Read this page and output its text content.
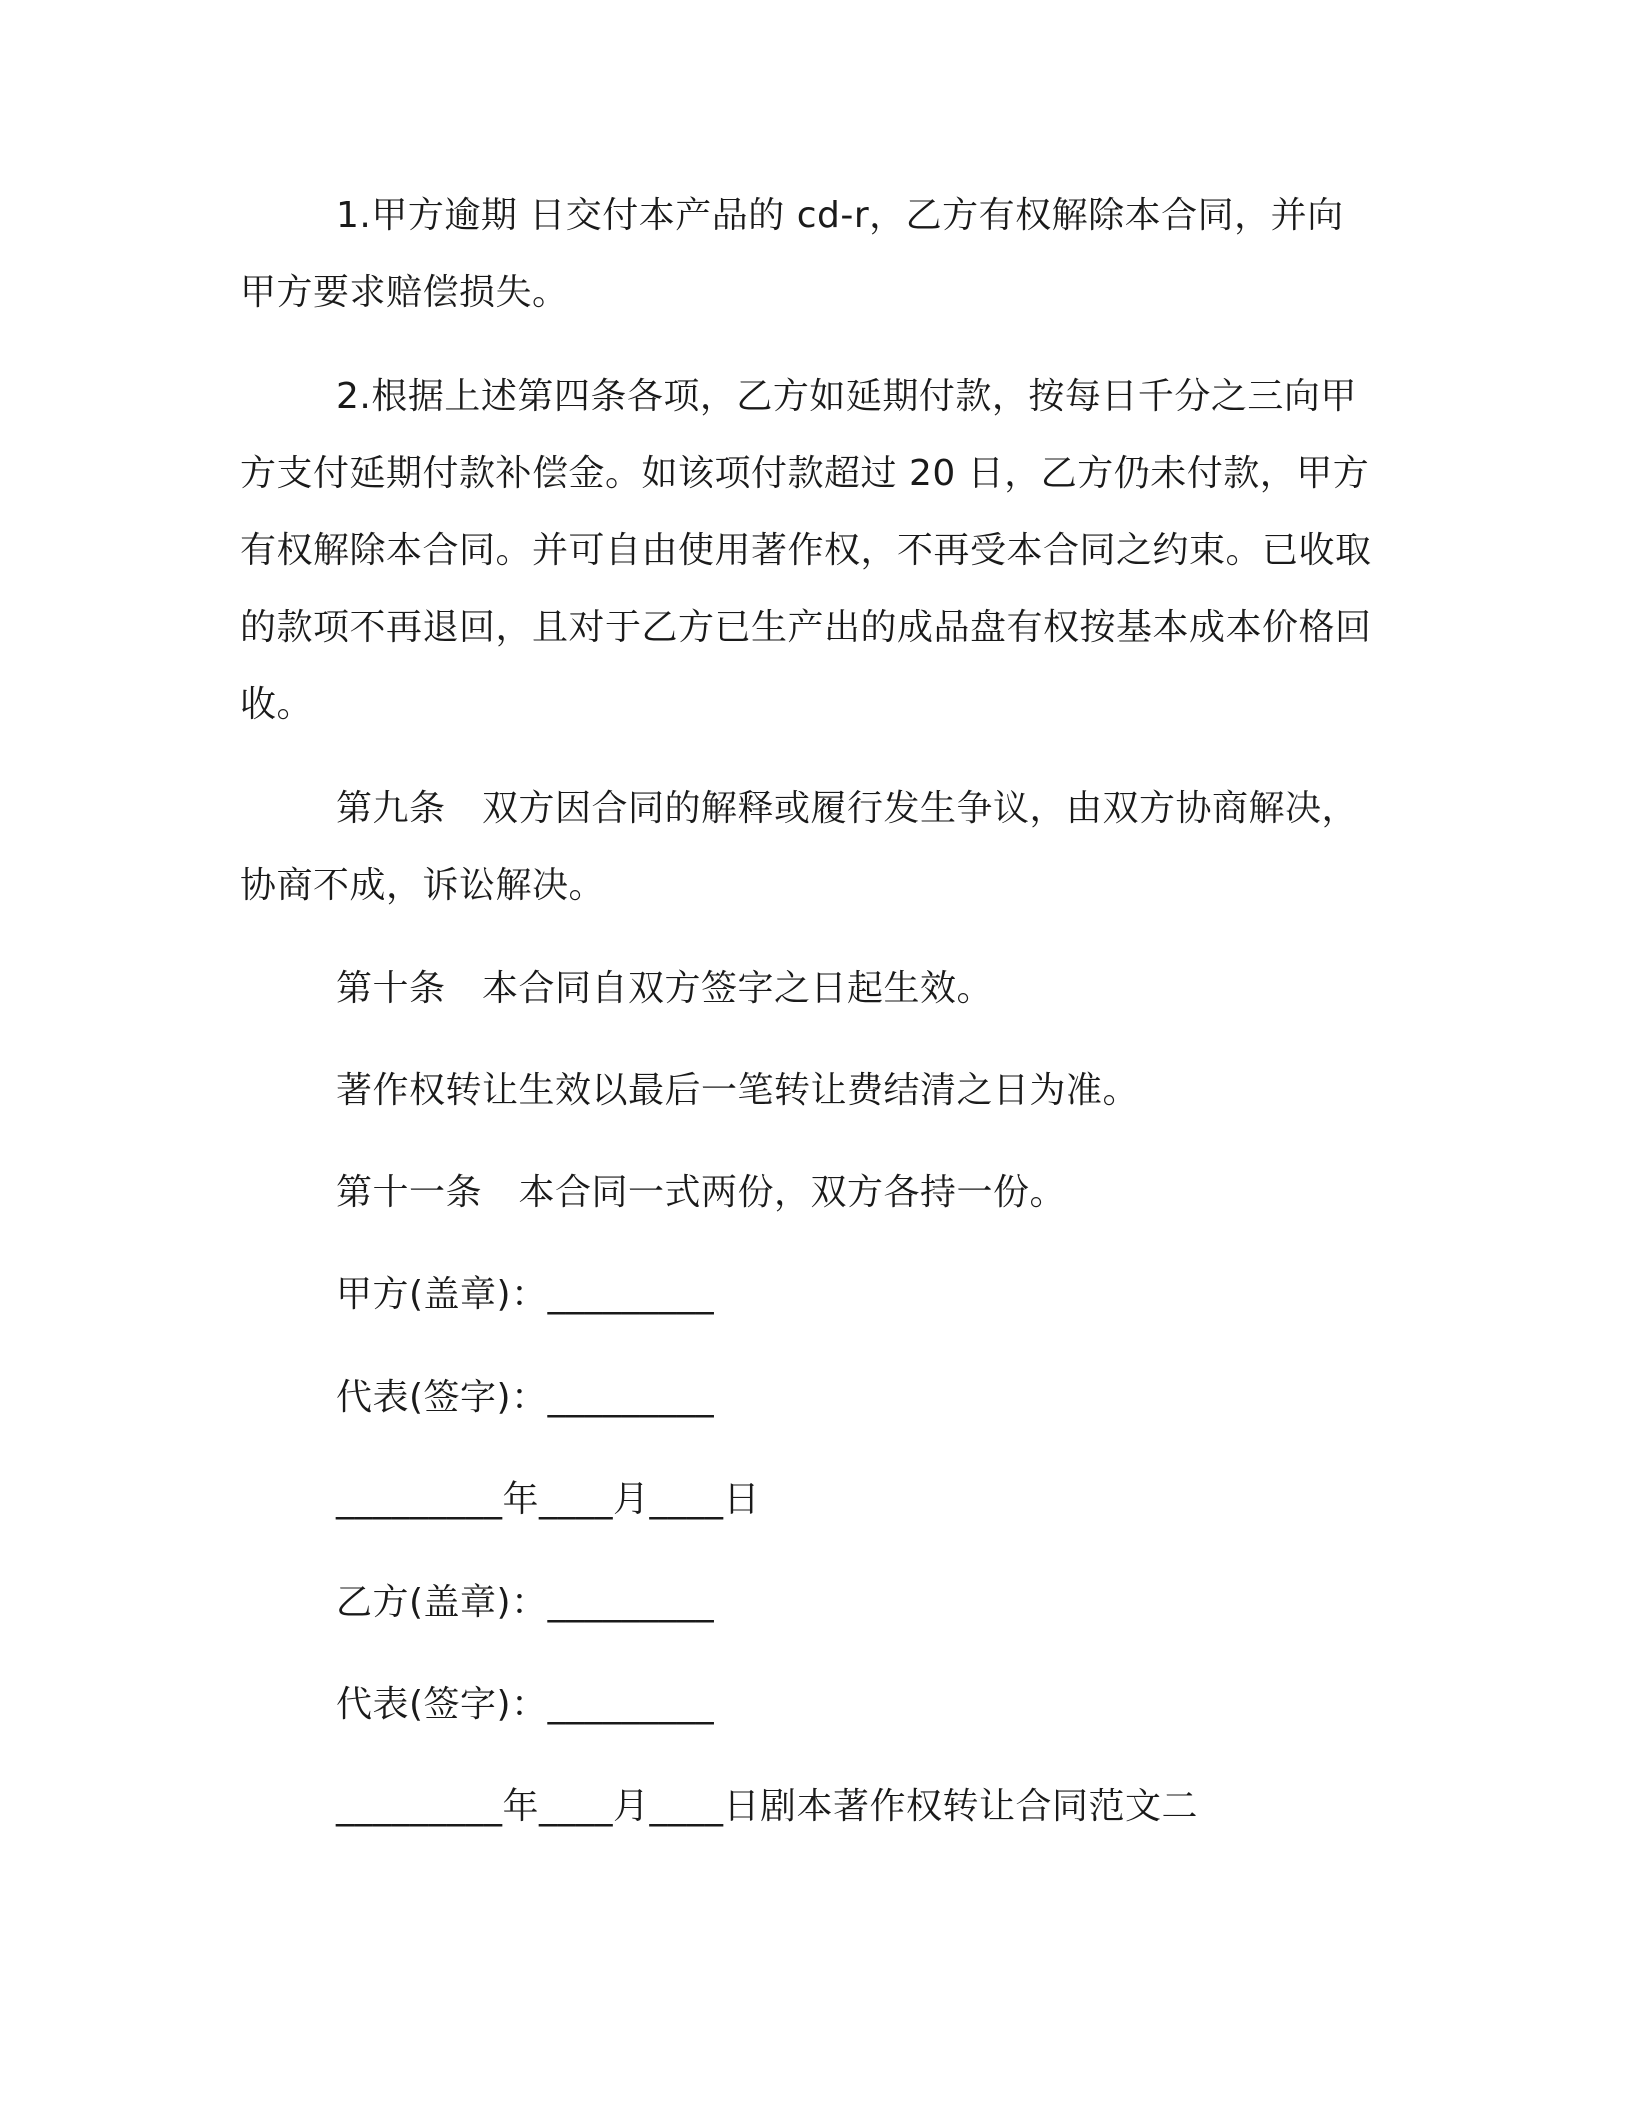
1.甲方逾期 日交付本产品的 cd-r，乙方有权解除本合同，并向甲方要求赔偿损失。

2.根据上述第四条各项，乙方如延期付款，按每日千分之三向甲方支付延期付款补偿金。如该项付款超过 20 日，乙方仍未付款，甲方有权解除本合同。并可自由使用著作权，不再受本合同之约束。已收取的款项不再退回，且对于乙方已生产出的成品盘有权按基本成本价格回收。

第九条　双方因合同的解释或履行发生争议，由双方协商解决，协商不成，诉讼解决。

第十条　本合同自双方签字之日起生效。

著作权转让生效以最后一笔转让费结清之日为准。

第十一条　本合同一式两份，双方各持一份。

甲方(盖章)：_________

代表(签字)：_________

_________年____月____日

乙方(盖章)：_________

代表(签字)：_________

_________年____月____日剧本著作权转让合同范文二
